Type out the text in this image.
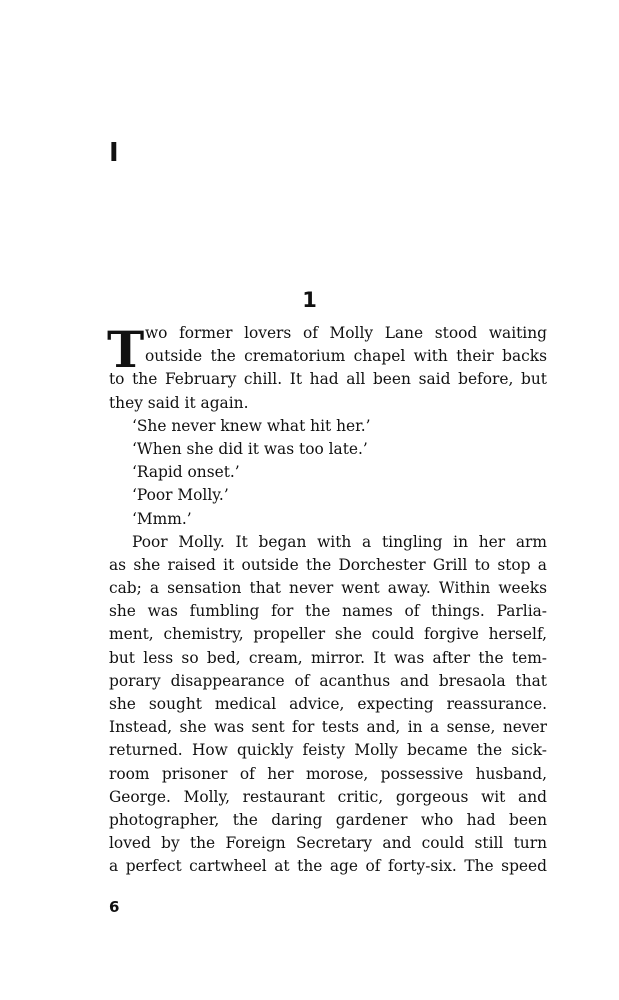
I
1
T wo former lovers of Molly Lane stood waiting
outside the crematorium chapel with their backs
to the February chill. It had all been said before, but
they said it again.
‘She never knew what hit her.’
‘When she did it was too late.’
‘Rapid onset.’
‘Poor Molly.’
‘Mmm.’
Poor Molly. It began with a tingling in her arm
as she raised it outside the Dorchester Grill to stop a
cab; a sensation that never went away. Within weeks
she was fumbling for the names of things. Parlia-
ment, chemistry, propeller she could forgive herself,
but less so bed, cream, mirror. It was after the tem-
porary disappearance of acanthus and bresaola that
she sought medical advice, expecting reassurance.
Instead, she was sent for tests and, in a sense, never
returned. How quickly feisty Molly became the sick-
room prisoner of her morose, possessive husband,
George. Molly, restaurant critic, gorgeous wit and
photographer, the daring gardener who had been
loved by the Foreign Secretary and could still turn
a perfect cartwheel at the age of forty-six. The speed
6
